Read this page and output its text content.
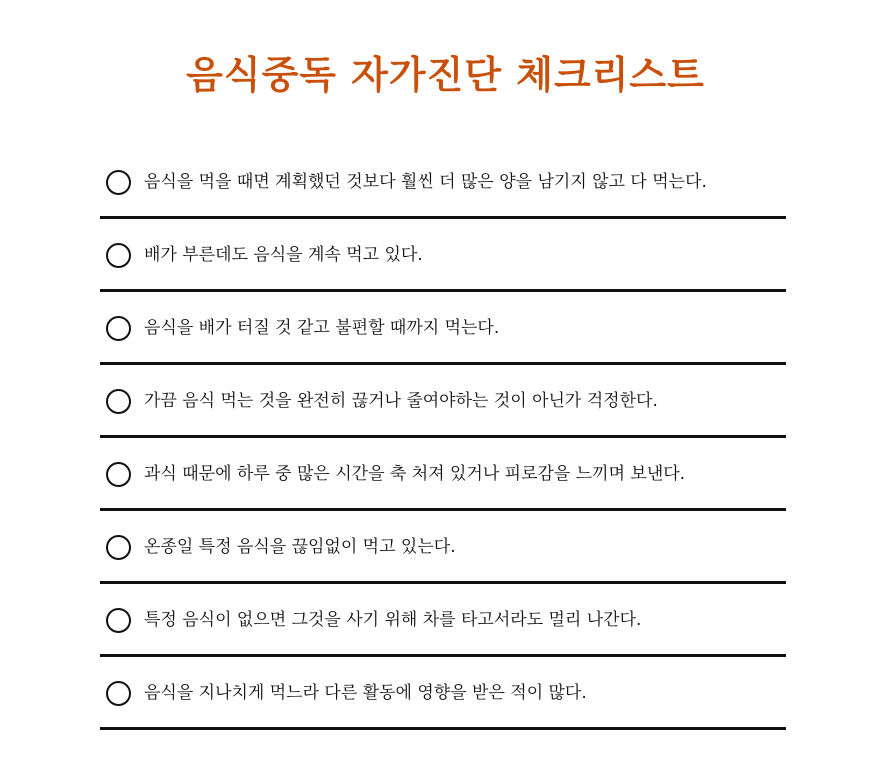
음식중독 자가진단 체크리스트
음식을 먹을 때면 계획했던 것보다 훨씬 더 많은 양을 남기지 않고 다 먹는다.
배가 부른데도 음식을 계속 먹고 있다.
음식을 배가 터질 것 같고 불편할 때까지 먹는다.
가끔 음식 먹는 것을 완전히 끊거나 줄여야하는 것이 아닌가 걱정한다.
과식 때문에 하루 중 많은 시간을 축 처져 있거나 피로감을 느끼며 보낸다.
온종일 특정 음식을 끊임없이 먹고 있는다.
특정 음식이 없으면 그것을 사기 위해 차를 타고서라도 멀리 나간다.
음식을 지나치게 먹느라 다른 활동에 영향을 받은 적이 많다.
